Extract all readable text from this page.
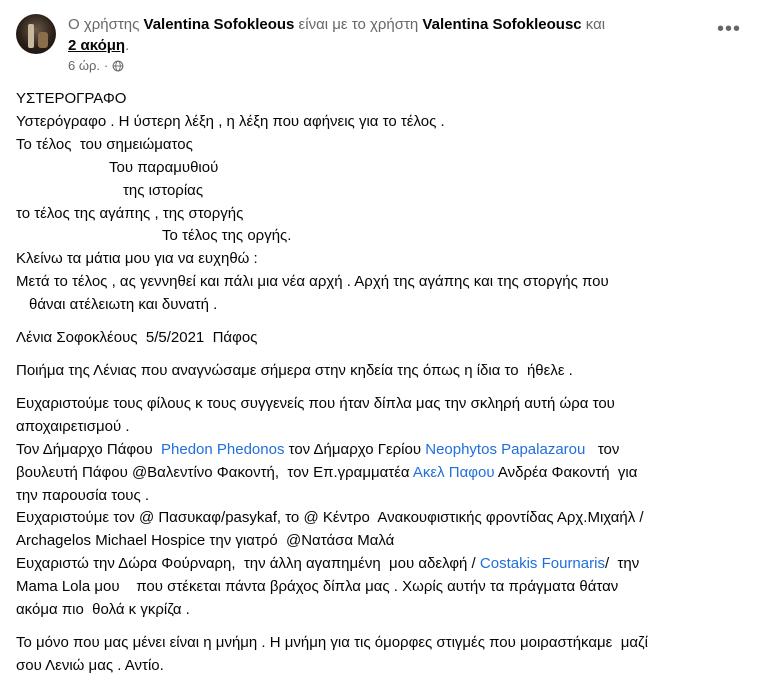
Ο χρήστης Valentina Sofokleous είναι με το χρήστη Valentina Sofokleousc και
2 ακόμη.
6 ώρ. ·
•••
ΥΣΤΕΡΟΓΡΑΦΟ
Υστερόγραφο . Η ύστερη λέξη , η λέξη που αφήνεις για το τέλος .
Το τέλος  του σημειώματος
Του παραμυθιού
της ιστορίας
το τέλος της αγάπης , της στοργής
Το τέλος της οργής.
Κλείνω τα μάτια μου για να ευχηθώ :
Μετά το τέλος , ας γεννηθεί και πάλι μια νέα αρχή . Αρχή της αγάπης και της στοργής που
θάναι ατέλειωτη και δυνατή .
Λένια Σοφοκλέους  5/5/2021  Πάφος
Ποιήμα της Λένιας που αναγνώσαμε σήμερα στην κηδεία της όπως η ίδια το  ήθελε .
Ευχαριστούμε τους φίλους κ τους συγγενείς που ήταν δίπλα μας την σκληρή αυτή ώρα του
αποχαιρετισμού .
Τον Δήμαρχο Πάφου  Phedon Phedonos τον Δήμαρχο Γερίου Neophytos Papalazarou   τον
βουλευτή Πάφου @Βαλεντίνο Φακοντή,  τον Επ.γραμματέα Ακελ Παφου Ανδρέα Φακοντή  για
την παρουσία τους .
Ευχαριστούμε τον @ Πασυκαφ/pasykaf, το @ Κέντρο  Ανακουφιστικής φροντίδας Αρχ.Μιχαήλ /
Archagelos Michael Hospice την γιατρό  @Νατάσα Μαλά
Ευχαριστώ την Δώρα Φούρναρη,  την άλλη αγαπημένη  μου αδελφή / Costakis Fournaris/  την
Mama Lola μου    που στέκεται πάντα βράχος δίπλα μας . Χωρίς αυτήν τα πράγματα θάταν
ακόμα πιο  θολά κ γκρίζα .
Το μόνο που μας μένει είναι η μνήμη . Η μνήμη για τις όμορφες στιγμές που μοιραστήκαμε  μαζί
σου Λενιώ μας . Αντίο.
